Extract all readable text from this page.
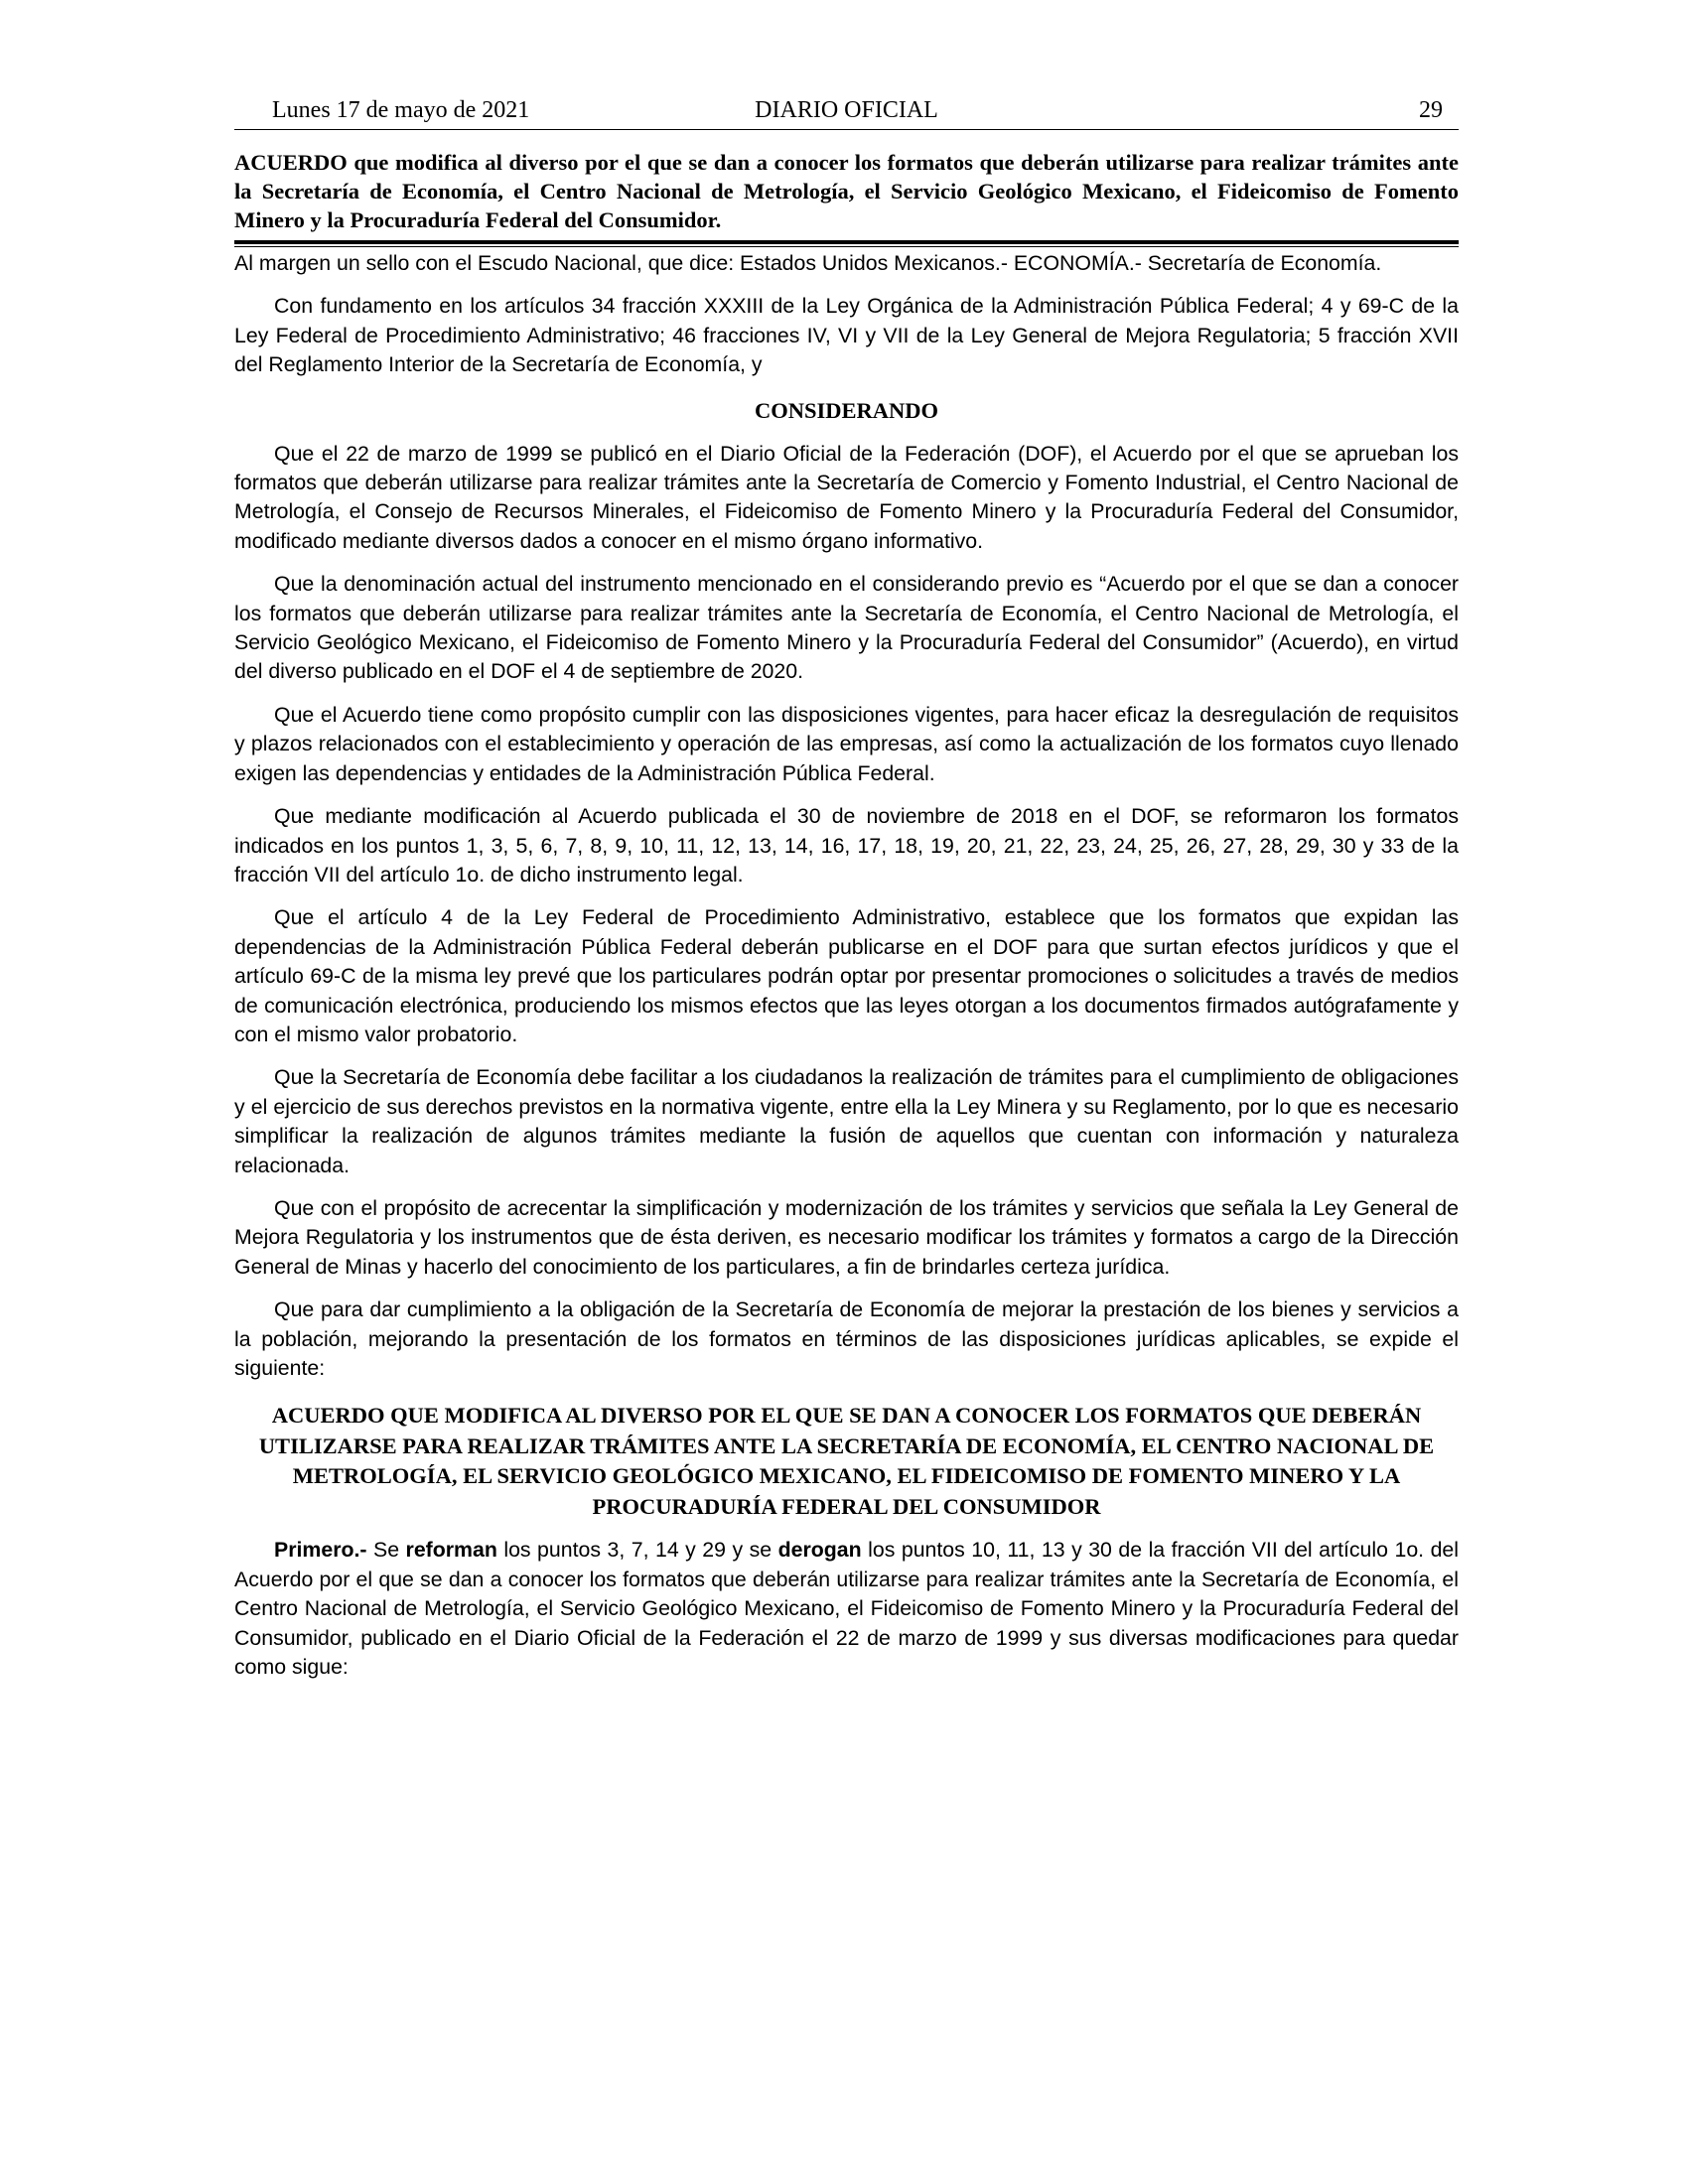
Lunes 17 de mayo de 2021	DIARIO OFICIAL	29
ACUERDO que modifica al diverso por el que se dan a conocer los formatos que deberán utilizarse para realizar trámites ante la Secretaría de Economía, el Centro Nacional de Metrología, el Servicio Geológico Mexicano, el Fideicomiso de Fomento Minero y la Procuraduría Federal del Consumidor.
Al margen un sello con el Escudo Nacional, que dice: Estados Unidos Mexicanos.- ECONOMÍA.- Secretaría de Economía.
Con fundamento en los artículos 34 fracción XXXIII de la Ley Orgánica de la Administración Pública Federal; 4 y 69-C de la Ley Federal de Procedimiento Administrativo; 46 fracciones IV, VI y VII de la Ley General de Mejora Regulatoria; 5 fracción XVII del Reglamento Interior de la Secretaría de Economía, y
CONSIDERANDO
Que el 22 de marzo de 1999 se publicó en el Diario Oficial de la Federación (DOF), el Acuerdo por el que se aprueban los formatos que deberán utilizarse para realizar trámites ante la Secretaría de Comercio y Fomento Industrial, el Centro Nacional de Metrología, el Consejo de Recursos Minerales, el Fideicomiso de Fomento Minero y la Procuraduría Federal del Consumidor, modificado mediante diversos dados a conocer en el mismo órgano informativo.
Que la denominación actual del instrumento mencionado en el considerando previo es “Acuerdo por el que se dan a conocer los formatos que deberán utilizarse para realizar trámites ante la Secretaría de Economía, el Centro Nacional de Metrología, el Servicio Geológico Mexicano, el Fideicomiso de Fomento Minero y la Procuraduría Federal del Consumidor” (Acuerdo), en virtud del diverso publicado en el DOF el 4 de septiembre de 2020.
Que el Acuerdo tiene como propósito cumplir con las disposiciones vigentes, para hacer eficaz la desregulación de requisitos y plazos relacionados con el establecimiento y operación de las empresas, así como la actualización de los formatos cuyo llenado exigen las dependencias y entidades de la Administración Pública Federal.
Que mediante modificación al Acuerdo publicada el 30 de noviembre de 2018 en el DOF, se reformaron los formatos indicados en los puntos 1, 3, 5, 6, 7, 8, 9, 10, 11, 12, 13, 14, 16, 17, 18, 19, 20, 21, 22, 23, 24, 25, 26, 27, 28, 29, 30 y 33 de la fracción VII del artículo 1o. de dicho instrumento legal.
Que el artículo 4 de la Ley Federal de Procedimiento Administrativo, establece que los formatos que expidan las dependencias de la Administración Pública Federal deberán publicarse en el DOF para que surtan efectos jurídicos y que el artículo 69-C de la misma ley prevé que los particulares podrán optar por presentar promociones o solicitudes a través de medios de comunicación electrónica, produciendo los mismos efectos que las leyes otorgan a los documentos firmados autógrafamente y con el mismo valor probatorio.
Que la Secretaría de Economía debe facilitar a los ciudadanos la realización de trámites para el cumplimiento de obligaciones y el ejercicio de sus derechos previstos en la normativa vigente, entre ella la Ley Minera y su Reglamento, por lo que es necesario simplificar la realización de algunos trámites mediante la fusión de aquellos que cuentan con información y naturaleza relacionada.
Que con el propósito de acrecentar la simplificación y modernización de los trámites y servicios que señala la Ley General de Mejora Regulatoria y los instrumentos que de ésta deriven, es necesario modificar los trámites y formatos a cargo de la Dirección General de Minas y hacerlo del conocimiento de los particulares, a fin de brindarles certeza jurídica.
Que para dar cumplimiento a la obligación de la Secretaría de Economía de mejorar la prestación de los bienes y servicios a la población, mejorando la presentación de los formatos en términos de las disposiciones jurídicas aplicables, se expide el siguiente:
ACUERDO QUE MODIFICA AL DIVERSO POR EL QUE SE DAN A CONOCER LOS FORMATOS QUE DEBERÁN UTILIZARSE PARA REALIZAR TRÁMITES ANTE LA SECRETARÍA DE ECONOMÍA, EL CENTRO NACIONAL DE METROLOGÍA, EL SERVICIO GEOLÓGICO MEXICANO, EL FIDEICOMISO DE FOMENTO MINERO Y LA PROCURADURÍA FEDERAL DEL CONSUMIDOR
Primero.- Se reforman los puntos 3, 7, 14 y 29 y se derogan los puntos 10, 11, 13 y 30 de la fracción VII del artículo 1o. del Acuerdo por el que se dan a conocer los formatos que deberán utilizarse para realizar trámites ante la Secretaría de Economía, el Centro Nacional de Metrología, el Servicio Geológico Mexicano, el Fideicomiso de Fomento Minero y la Procuraduría Federal del Consumidor, publicado en el Diario Oficial de la Federación el 22 de marzo de 1999 y sus diversas modificaciones para quedar como sigue:
